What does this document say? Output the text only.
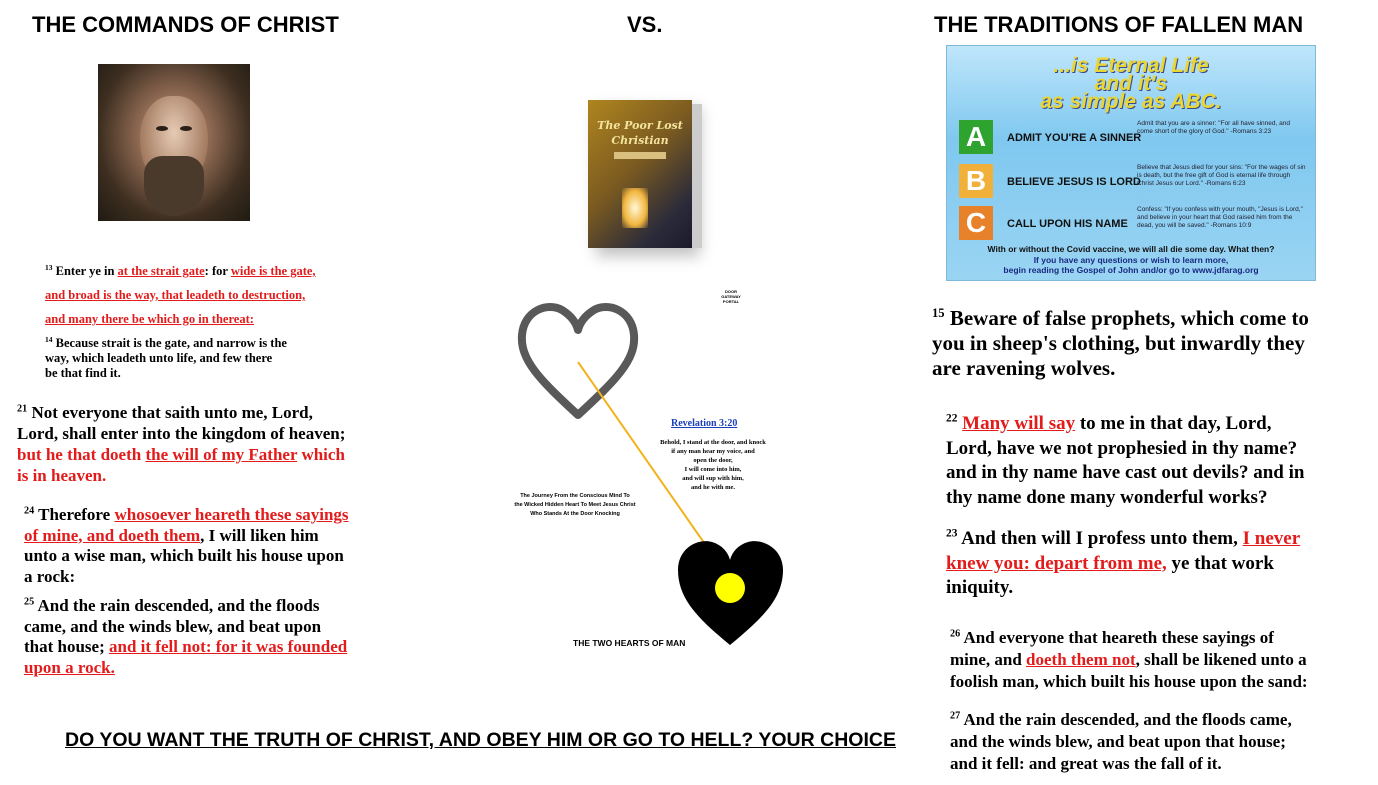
THE COMMANDS OF CHRIST	VS.	THE TRADITIONS OF FALLEN MAN
The Poor Lost
Christian
...is Eternal Life
and it's
as simple as ABC.
A	ADMIT YOU'RE A SINNER
Admit that you are a sinner: "For all have sinned, and come short of the glory of God." -Romans 3:23
B	BELIEVE JESUS IS LORD
Believe that Jesus died for your sins: "For the wages of sin is death, but the free gift of God is eternal life through Christ Jesus our Lord." -Romans 6:23
C	CALL UPON HIS NAME
Confess: "If you confess with your mouth, "Jesus is Lord," and believe in your heart that God raised him from the dead, you will be saved." -Romans 10:9
With or without the Covid vaccine, we will all die some day. What then?
If you have any questions or wish to learn more,
begin reading the Gospel of John and/or go to www.jdfarag.org
$^{13}$ Enter ye in at the strait gate: for wide is the gate,
and broad is the way, that leadeth to destruction,
and many there be which go in thereat:
$^{14}$ Because strait is the gate, and narrow is the
way, which leadeth unto life, and few there
be that find it.
$^{21}$ Not everyone that saith unto me, Lord,
Lord, shall enter into the kingdom of heaven;
but he that doeth the will of my Father which
is in heaven.
$^{24}$ Therefore whosoever heareth these sayings
of mine, and doeth them, I will liken him
unto a wise man, which built his house upon
a rock:
$^{25}$ And the rain descended, and the floods
came, and the winds blew, and beat upon
that house; and it fell not: for it was founded
upon a rock.
DOOR
GATEWAY
PORTAL
Revelation 3:20
Behold, I stand at the door, and knock
if any man hear my voice, and
open the door,
I will come into him,
and will sup with him,
and he with me.
The Journey From the Conscious Mind To
the Wicked Hidden Heart To Meet Jesus Christ
Who Stands At the Door Knocking
THE TWO HEARTS OF MAN
$^{15}$ Beware of false prophets, which come to
you in sheep's clothing, but inwardly they
are ravening wolves.
$^{22}$ Many will say to me in that day, Lord,
Lord, have we not prophesied in thy name?
and in thy name have cast out devils? and in
thy name done many wonderful works?
$^{23}$ And then will I profess unto them, I never
knew you: depart from me, ye that work
iniquity.
$^{26}$ And everyone that heareth these sayings of
mine, and doeth them not, shall be likened unto a
foolish man, which built his house upon the sand:
$^{27}$ And the rain descended, and the floods came,
and the winds blew, and beat upon that house;
and it fell: and great was the fall of it.
DO YOU WANT THE TRUTH OF CHRIST, AND OBEY HIM OR GO TO HELL? YOUR CHOICE
